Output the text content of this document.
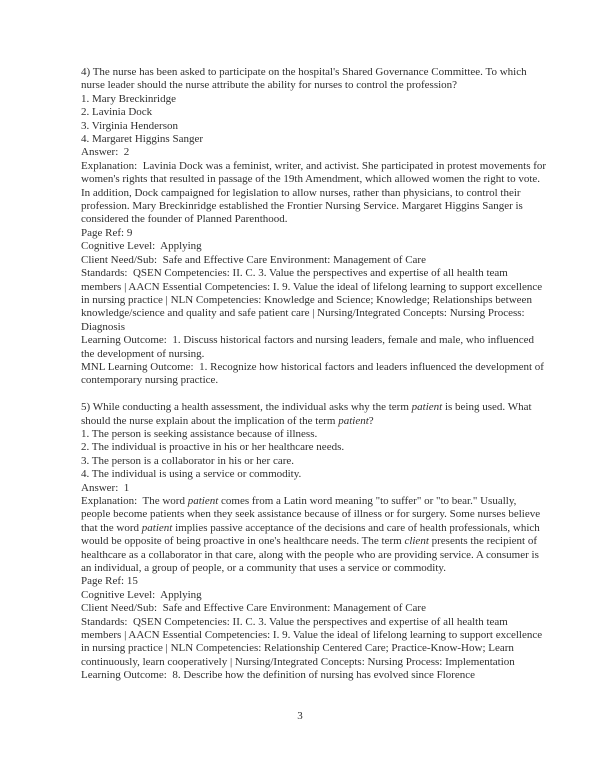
4) The nurse has been asked to participate on the hospital's Shared Governance Committee. To which nurse leader should the nurse attribute the ability for nurses to control the profession?

1. Mary Breckinridge

2. Lavinia Dock

3. Virginia Henderson

4. Margaret Higgins Sanger

Answer:  2

Explanation:  Lavinia Dock was a feminist, writer, and activist. She participated in protest movements for women's rights that resulted in passage of the 19th Amendment, which allowed women the right to vote. In addition, Dock campaigned for legislation to allow nurses, rather than physicians, to control their profession. Mary Breckinridge established the Frontier Nursing Service. Margaret Higgins Sanger is considered the founder of Planned Parenthood.

Page Ref: 9

Cognitive Level:  Applying

Client Need/Sub:  Safe and Effective Care Environment: Management of Care

Standards:  QSEN Competencies: II. C. 3. Value the perspectives and expertise of all health team members | AACN Essential Competencies: I. 9. Value the ideal of lifelong learning to support excellence in nursing practice | NLN Competencies: Knowledge and Science; Knowledge; Relationships between knowledge/science and quality and safe patient care | Nursing/Integrated Concepts: Nursing Process: Diagnosis

Learning Outcome:  1. Discuss historical factors and nursing leaders, female and male, who influenced the development of nursing.

MNL Learning Outcome:  1. Recognize how historical factors and leaders influenced the development of contemporary nursing practice.

5) While conducting a health assessment, the individual asks why the term patient is being used. What should the nurse explain about the implication of the term patient?

1. The person is seeking assistance because of illness.

2. The individual is proactive in his or her healthcare needs.

3. The person is a collaborator in his or her care.

4. The individual is using a service or commodity.

Answer:  1

Explanation:  The word patient comes from a Latin word meaning "to suffer" or "to bear." Usually, people become patients when they seek assistance because of illness or for surgery. Some nurses believe that the word patient implies passive acceptance of the decisions and care of health professionals, which would be opposite of being proactive in one's healthcare needs. The term client presents the recipient of healthcare as a collaborator in that care, along with the people who are providing service. A consumer is an individual, a group of people, or a community that uses a service or commodity.

Page Ref: 15

Cognitive Level:  Applying

Client Need/Sub:  Safe and Effective Care Environment: Management of Care

Standards:  QSEN Competencies: II. C. 3. Value the perspectives and expertise of all health team members | AACN Essential Competencies: I. 9. Value the ideal of lifelong learning to support excellence in nursing practice | NLN Competencies: Relationship Centered Care; Practice-Know-How; Learn continuously, learn cooperatively | Nursing/Integrated Concepts: Nursing Process: Implementation

Learning Outcome:  8. Describe how the definition of nursing has evolved since Florence

3
